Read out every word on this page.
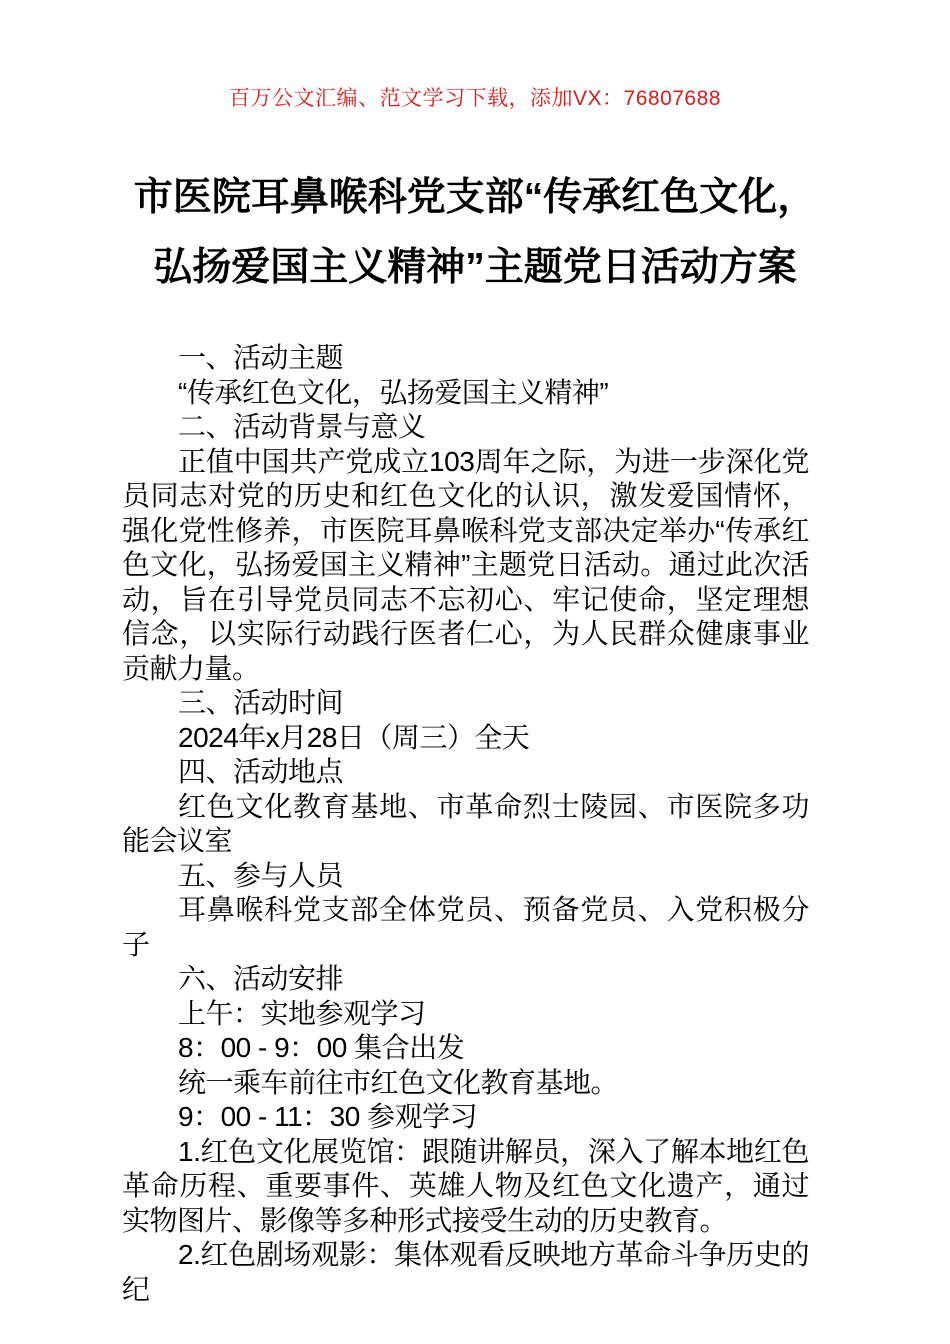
百万公文汇编、范文学习下载，添加VX：76807688
市医院耳鼻喉科党支部“传承红色文化，
弘扬爱国主义精神”主题党日活动方案

一、活动主题

“传承红色文化，弘扬爱国主义精神”

二、活动背景与意义

正值中国共产党成立103周年之际，为进一步深化党员同志对党的历史和红色文化的认识，激发爱国情怀，强化党性修养，市医院耳鼻喉科党支部决定举办“传承红色文化，弘扬爱国主义精神”主题党日活动。通过此次活动，旨在引导党员同志不忘初心、牢记使命，坚定理想信念，以实际行动践行医者仁心，为人民群众健康事业贡献力量。

三、活动时间

2024年x月28日（周三）全天

四、活动地点

红色文化教育基地、市革命烈士陵园、市医院多功能会议室

五、参与人员

耳鼻喉科党支部全体党员、预备党员、入党积极分子

六、活动安排

上午：实地参观学习

8：00 - 9：00 集合出发

统一乘车前往市红色文化教育基地。

9：00 - 11：30 参观学习

1.红色文化展览馆：跟随讲解员，深入了解本地红色革命历程、重要事件、英雄人物及红色文化遗产，通过实物图片、影像等多种形式接受生动的历史教育。

2.红色剧场观影：集体观看反映地方革命斗争历史的纪
